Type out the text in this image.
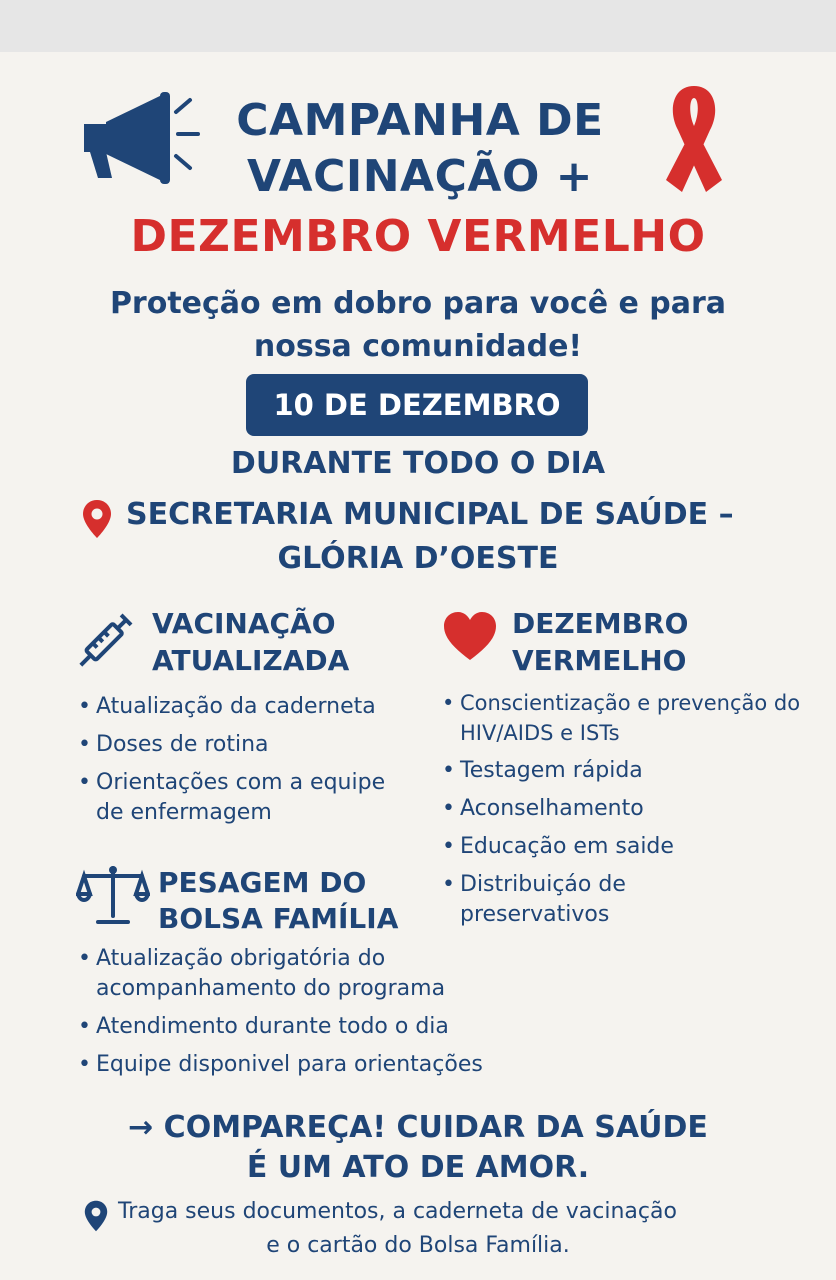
CAMPANHA DE
VACINAÇÃO +
DEZEMBRO VERMELHO
Proteção em dobro para você e para
nossa comunidade!
10 DE DEZEMBRO
DURANTE TODO O DIA
SECRETARIA MUNICIPAL DE SAÚDE –
GLÓRIA D’OESTE
VACINAÇÃO
ATUALIZADA
• Atualização da caderneta
• Doses de rotina
• Orientações com a equipe de enfermagem
DEZEMBRO
VERMELHO
• Conscientização e prevenção do HIV/AIDS e ISTs
• Testagem rápida
• Aconselhamento
• Educação em saide
• Distribuiçáo de preservativos
PESAGEM DO
BOLSA FAMÍLIA
• Atualização obrigatória do acompanhamento do programa
• Atendimento durante todo o dia
• Equipe disponivel para orientações
→ COMPAREÇA! CUIDAR DA SAÚDE
É UM ATO DE AMOR.
Traga seus documentos, a caderneta de vacinação
e o cartão do Bolsa Família.
